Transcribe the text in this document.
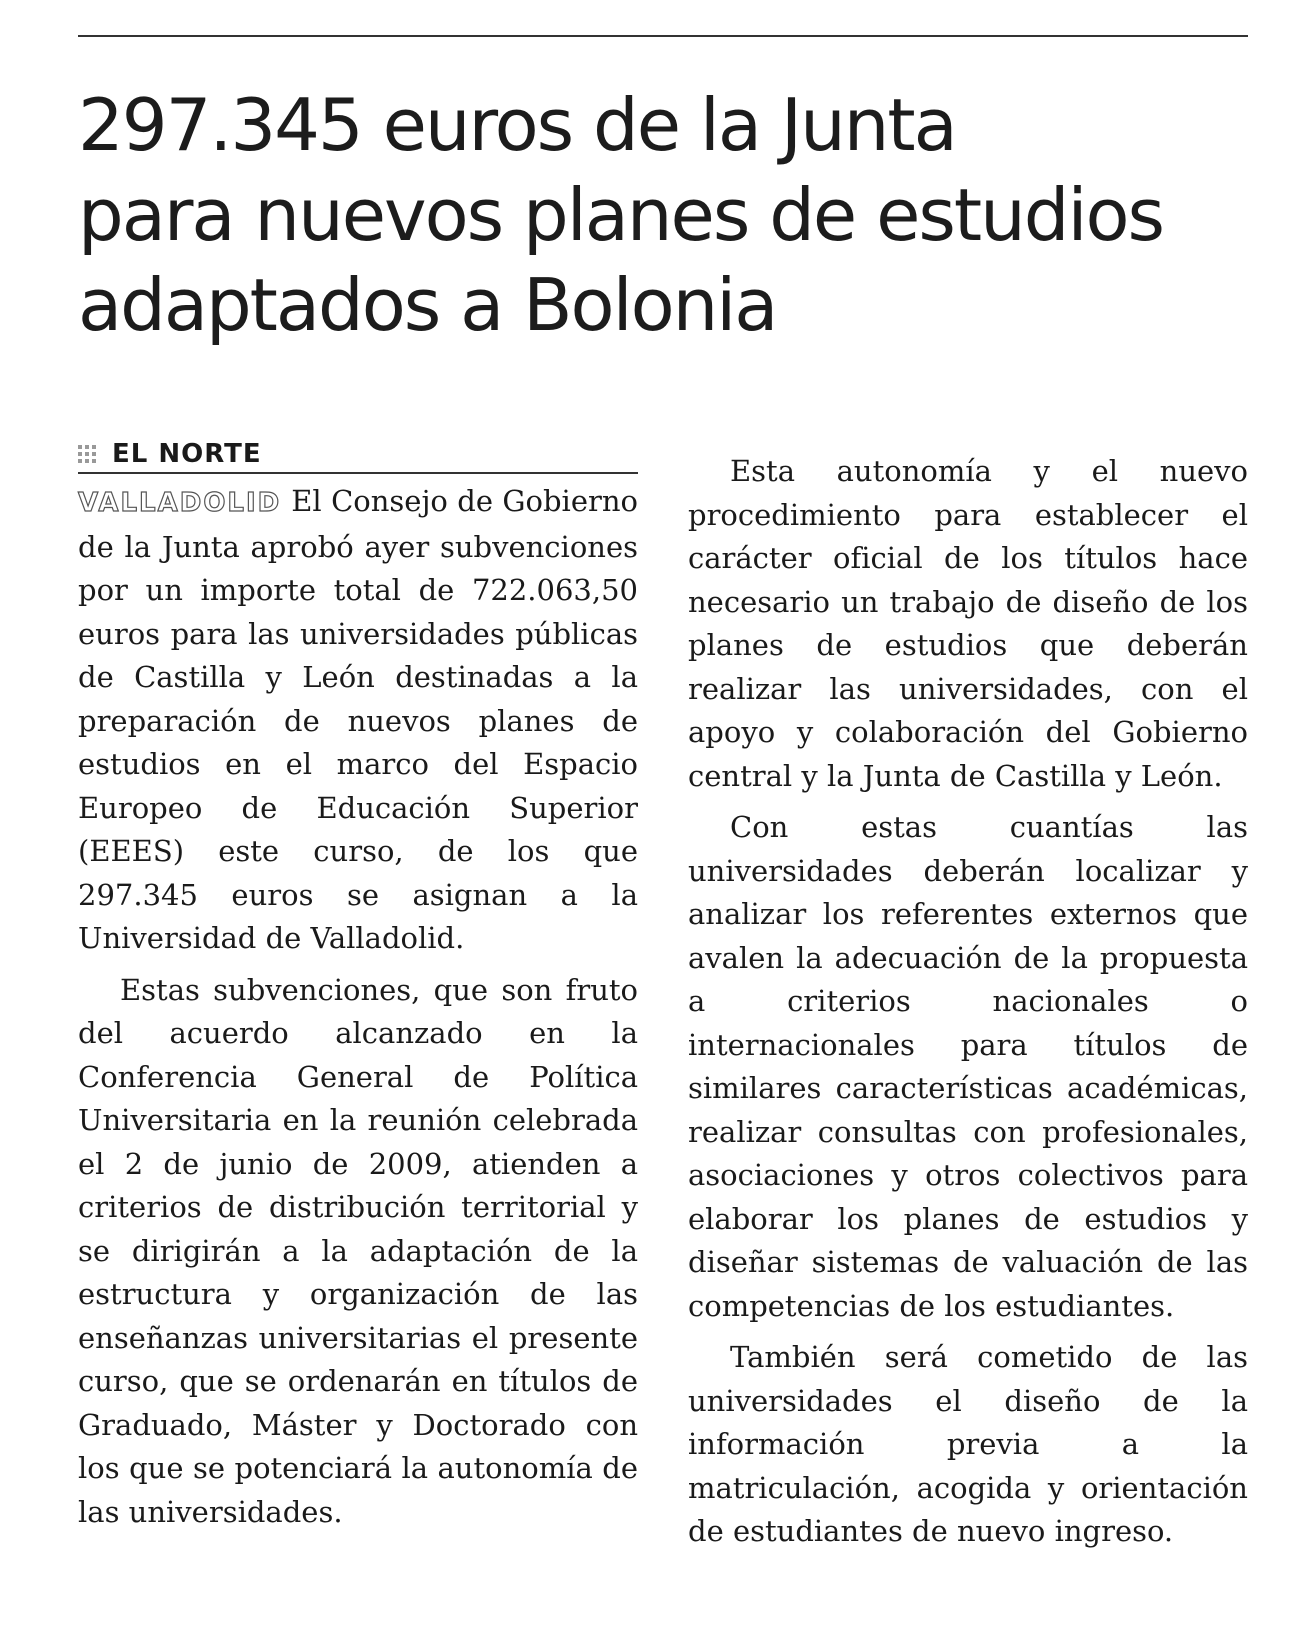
297.345 euros de la Junta
para nuevos planes de estudios
adaptados a Bolonia
EL NORTE

VALLADOLID El Consejo de Gobierno de la Junta aprobó ayer subvenciones por un importe total de 722.063,50 euros para las universidades públicas de Castilla y León destinadas a la preparación de nuevos planes de estudios en el marco del Espacio Europeo de Educación Superior (EEES) este curso, de los que 297.345 euros se asignan a la Universidad de Valladolid.

Estas subvenciones, que son fruto del acuerdo alcanzado en la Conferencia General de Política Universitaria en la reunión celebrada el 2 de junio de 2009, atienden a criterios de distribución territorial y se dirigirán a la adaptación de la estructura y organización de las enseñanzas universitarias el presente curso, que se ordenarán en títulos de Graduado, Máster y Doctorado con los que se potenciará la autonomía de las universidades.

Esta autonomía y el nuevo procedimiento para establecer el carácter oficial de los títulos hace necesario un trabajo de diseño de los planes de estudios que deberán realizar las universidades, con el apoyo y colaboración del Gobierno central y la Junta de Castilla y León.

Con estas cuantías las universidades deberán localizar y analizar los referentes externos que avalen la adecuación de la propuesta a criterios nacionales o internacionales para títulos de similares características académicas, realizar consultas con profesionales, asociaciones y otros colectivos para elaborar los planes de estudios y diseñar sistemas de valuación de las competencias de los estudiantes.

También será cometido de las universidades el diseño de la información previa a la matriculación, acogida y orientación de estudiantes de nuevo ingreso.
